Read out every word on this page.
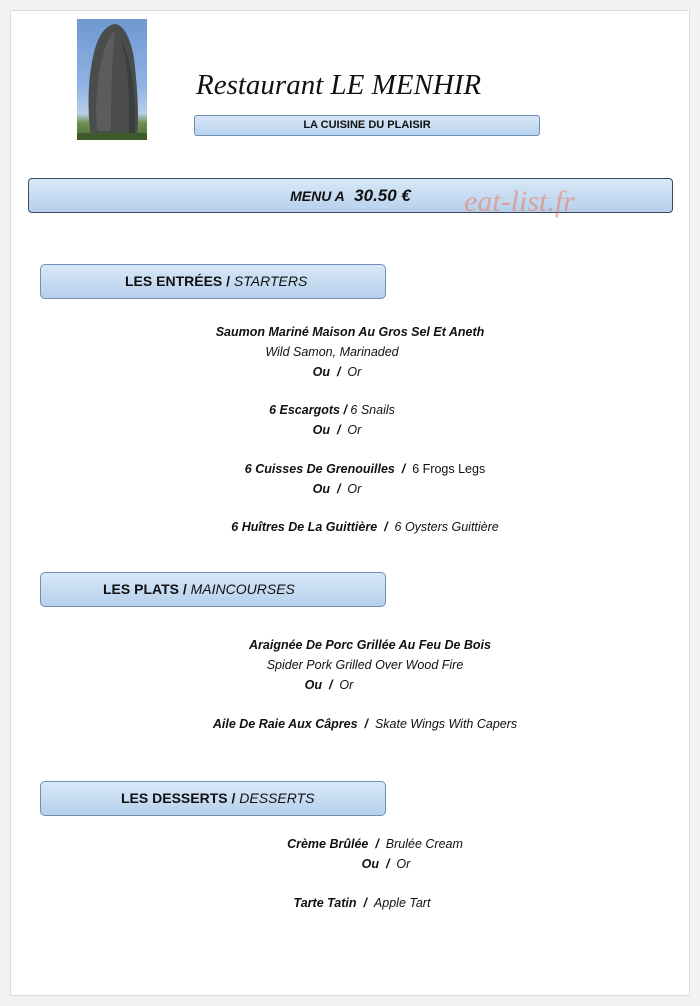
Restaurant LE MENHIR
LA CUISINE DU PLAISIR
MENU A 30.50 €	eat-list.fr
LES ENTRÉES / STARTERS
Saumon Mariné Maison Au Gros Sel Et Aneth
Wild Samon, Marinaded
Ou / Or
6 Escargots / 6 Snails
Ou / Or
6 Cuisses De Grenouilles / 6 Frogs Legs
Ou / Or
6 Huîtres De La Guittière / 6 Oysters Guittière
LES PLATS / MAINCOURSES
Araignée De Porc Grillée Au Feu De Bois
Spider Pork Grilled Over Wood Fire
Ou / Or
Aile De Raie Aux Câpres / Skate Wings With Capers
LES DESSERTS / DESSERTS
Crème Brûlée / Brulée Cream
Ou / Or
Tarte Tatin / Apple Tart
